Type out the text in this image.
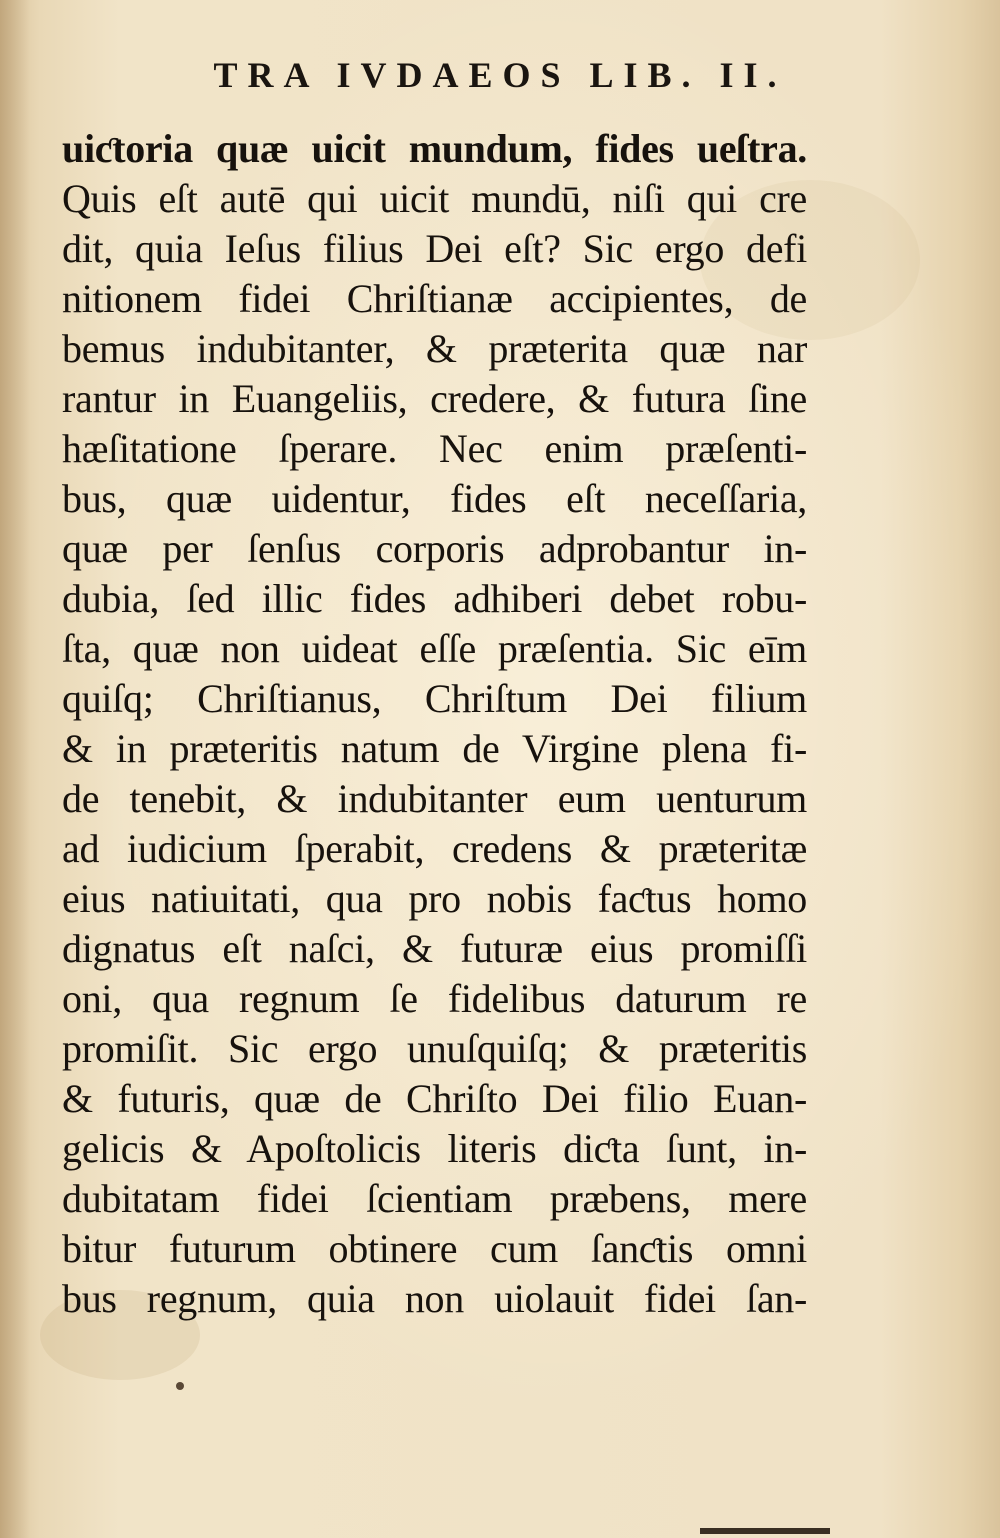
TRA IVDAEOS LIB. II.
uiƈtoria quæ uicit mundum, fides ueſtra.
Quis eſt autē qui uicit mundū, niſi qui cre
dit, quia Ieſus filius Dei eſt? Sic ergo defi
nitionem fidei Chriſtianæ accipientes, de
bemus indubitanter, & præterita quæ nar
rantur in Euangeliis, credere, & futura ſine
hæſitatione ſperare. Nec enim præſenti-
bus, quæ uidentur, fides eſt neceſſaria,
quæ per ſenſus corporis adprobantur in-
dubia, ſed illic fides adhiberi debet robu-
ſta, quæ non uideat eſſe præſentia. Sic eīm
quiſq; Chriſtianus, Chriſtum Dei filium
& in præteritis natum de Virgine plena fi-
de tenebit, & indubitanter eum uenturum
ad iudicium ſperabit, credens & præteritæ
eius natiuitati, qua pro nobis faƈtus homo
dignatus eſt naſci, & futuræ eius promiſſi
oni, qua regnum ſe fidelibus daturum re
promiſit. Sic ergo unuſquiſq; & præteritis
& futuris, quæ de Chriſto Dei filio Euan-
gelicis & Apoſtolicis literis diƈta ſunt, in-
dubitatam fidei ſcientiam præbens, mere
bitur futurum obtinere cum ſanƈtis omni
bus regnum, quia non uiolauit fidei ſan-
